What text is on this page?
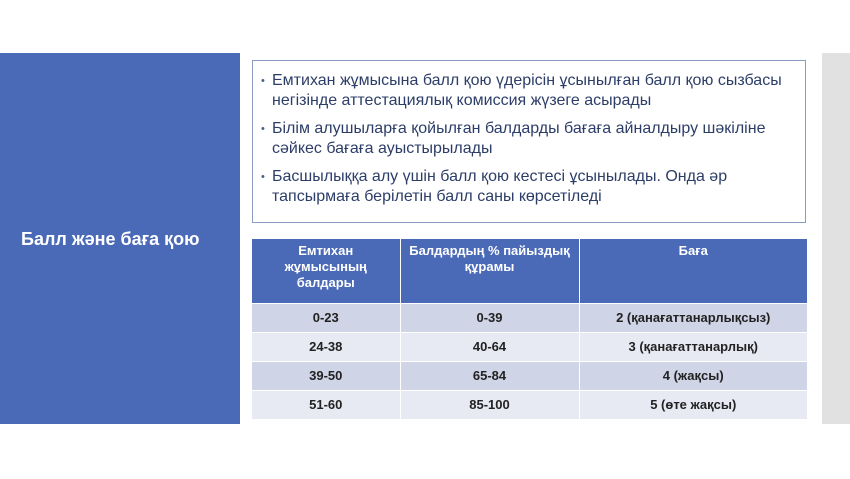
Балл және баға қою
• Емтихан жұмысына балл қою үдерісін ұсынылған балл қою сызбасы негізінде аттестациялық комиссия жүзеге асырады
• Білім алушыларға қойылған балдарды бағаға айналдыру шәкіліне сәйкес бағаға ауыстырылады
• Басшылыққа алу үшін балл қою кестесі ұсынылады. Онда әр тапсырмаға берілетін балл саны көрсетіледі
Емтихан жұмысының балдары	Балдардың % пайыздық құрамы	Баға
0-23	0-39	2 (қанағаттанарлықсыз)
24-38	40-64	3 (қанағаттанарлық)
39-50	65-84	4 (жақсы)
51-60	85-100	5 (өте жақсы)
